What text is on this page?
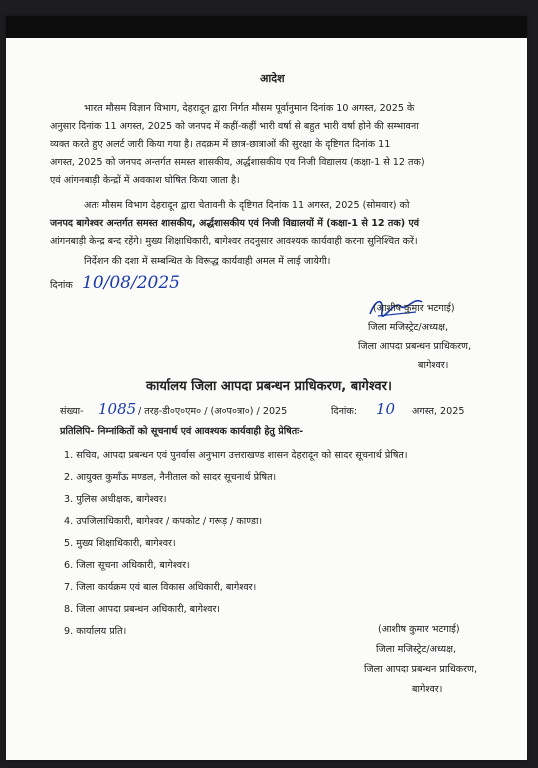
आदेश
भारत मौसम विज्ञान विभाग, देहरादून द्वारा निर्गत मौसम पूर्वानुमान दिनांक 10 अगस्त, 2025 के
अनुसार दिनांक 11 अगस्त, 2025 को जनपद में कहीं-कहीं भारी वर्षा से बहुत भारी वर्षा होने की सम्भावना
व्यक्त करते हुए अलर्ट जारी किया गया है। तदक्रम में छात्र-छात्राओं की सुरक्षा के दृष्टिगत दिनांक 11
अगस्त, 2025 को जनपद अन्तर्गत समस्त शासकीय, अर्द्धशासकीय एव निजी विद्यालय (कक्षा-1 से 12 तक)
एवं आंगनबाड़ी केन्द्रों में अवकाश घोषित किया जाता है।
अतः मौसम विभाग देहरादून द्वारा चेतावनी के दृष्टिगत दिनांक 11 अगस्त, 2025 (सोमवार) को
जनपद बागेश्वर अन्तर्गत समस्त शासकीय, अर्द्धशासकीय एवं निजी विद्यालयों में (कक्षा-1 से 12 तक) एवं
आंगनबाड़ी केन्द्र बन्द रहेंगे। मुख्य शिक्षाधिकारी, बागेश्वर तदनुसार आवश्यक कार्यवाही करना सुनिश्चित करें।
निर्देशन की दशा में सम्बन्धित के विरूद्ध कार्यवाही अमल में लाई जायेगी।
दिनांक 10/08/2025
(आशीष कुमार भटगाई)
जिला मजिस्ट्रेट/अध्यक्ष,
जिला आपदा प्रबन्धन प्राधिकरण,
बागेश्वर।
कार्यालय जिला आपदा प्रबन्धन प्राधिकरण, बागेश्वर।
संख्या- 1085 / तरह-डी०ए०एम० / (अ०प०त्रा०) / 2025	दिनांक: 10 अगस्त, 2025
प्रतिलिपि- निम्नांकितों को सूचनार्थ एवं आवश्यक कार्यवाही हेतु प्रेषितः-
1. सचिव, आपदा प्रबन्धन एवं पुनर्वास अनुभाग उत्तराखण्ड शासन देहरादून को सादर सूचनार्थ प्रेषित।
2. आयुक्त कुमाँऊ मण्डल, नैनीताल को सादर सूचनार्थ प्रेषित।
3. पुलिस अधीक्षक, बागेश्वर।
4. उपजिलाधिकारी, बागेश्वर / कपकोट / गरूड़ / काण्डा।
5. मुख्य शिक्षाधिकारी, बागेश्वर।
6. जिला सूचना अधिकारी, बागेश्वर।
7. जिला कार्यक्रम एवं बाल विकास अधिकारी, बागेश्वर।
8. जिला आपदा प्रबन्धन अधिकारी, बागेश्वर।
9. कार्यालय प्रति।	(आशीष कुमार भटगाई)
जिला मजिस्ट्रेट/अध्यक्ष,
जिला आपदा प्रबन्धन प्राधिकरण,
बागेश्वर।
